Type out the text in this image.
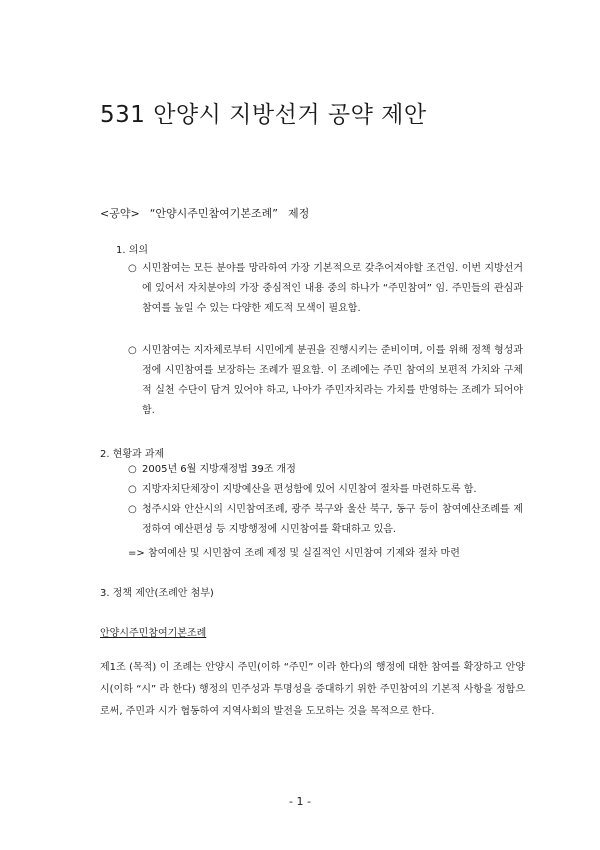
531 안양시 지방선거 공약 제안
<공약> “안양시주민참여기본조례” 제정
1. 의의
○ 시민참여는 모든 분야를 망라하여 가장 기본적으로 갖추어져야할 조건임. 이번 지방선거에 있어서 자치분야의 가장 중심적인 내용 중의 하나가 “주민참여” 임. 주민들의 관심과 참여를 높일 수 있는 다양한 제도적 모색이 필요함.
○ 시민참여는 지자체로부터 시민에게 분권을 진행시키는 준비이며, 이를 위해 정책 형성과정에 시민참여를 보장하는 조례가 필요함. 이 조례에는 주민 참여의 보편적 가치와 구체적 실천 수단이 담겨 있어야 하고, 나아가 주민자치라는 가치를 반영하는 조례가 되어야 함.
2. 현황과 과제
○ 2005년 6월 지방재정법 39조 개정
○ 지방자치단체장이 지방예산을 편성함에 있어 시민참여 절차를 마련하도록 함.
○ 청주시와 안산시의 시민참여조례, 광주 북구와 울산 북구, 동구 등이 참여예산조례를 제정하여 예산편성 등 지방행정에 시민참여를 확대하고 있음.
=> 참여예산 및 시민참여 조례 제정 및 실질적인 시민참여 기제와 절차 마련
3. 정책 제안(조례안 첨부)
안양시주민참여기본조례
제1조 (목적) 이 조례는 안양시 주민(이하 “주민” 이라 한다)의 행정에 대한 참여를 확장하고 안양시(이하 “시” 라 한다) 행정의 민주성과 투명성을 증대하기 위한 주민참여의 기본적 사항을 정함으로써, 주민과 시가 협동하여 지역사회의 발전을 도모하는 것을 목적으로 한다.
- 1 -
